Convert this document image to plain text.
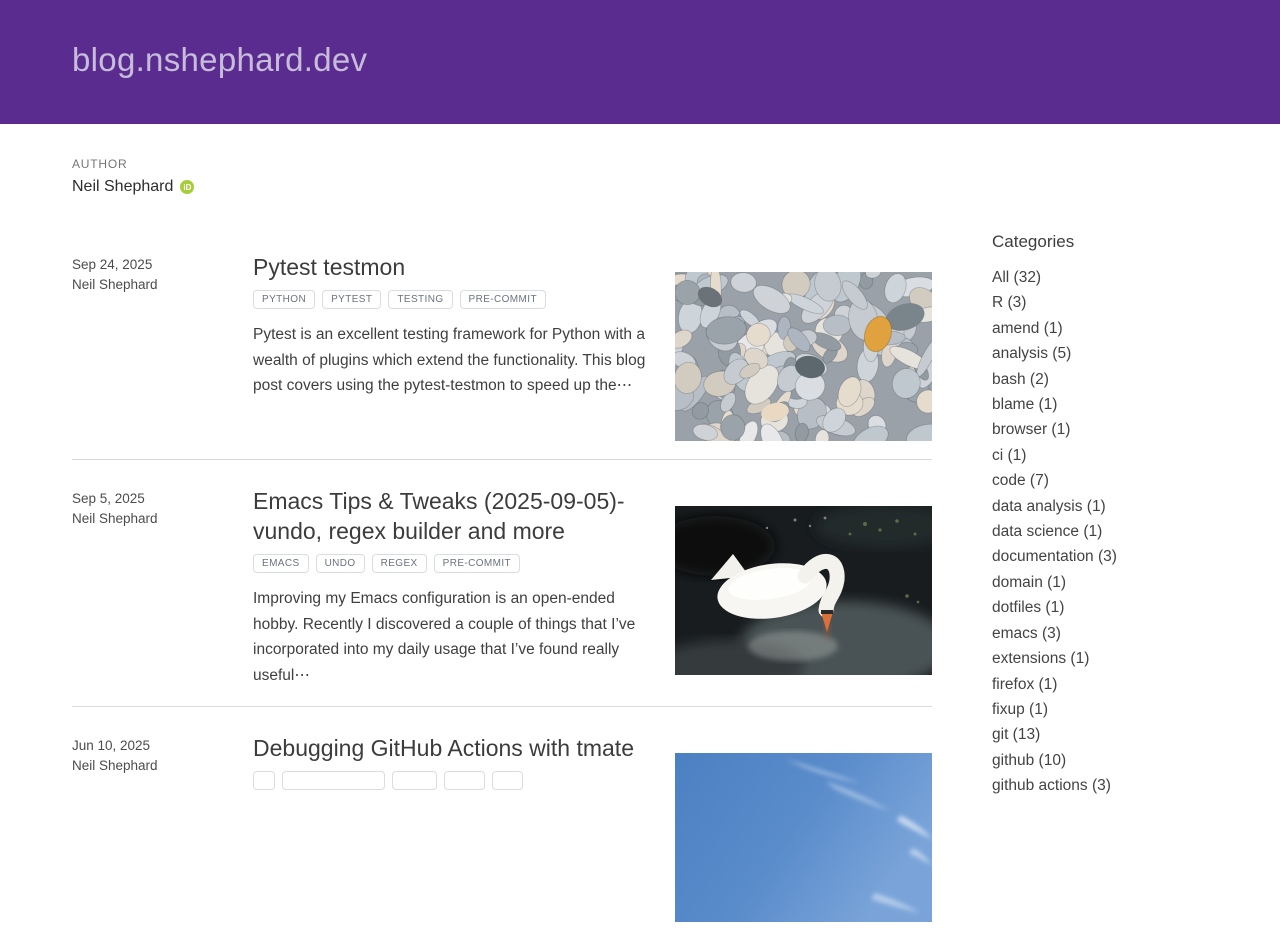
blog.nshephard.dev
AUTHOR
Neil Shephard	iD
Sep 24, 2025
Neil Shephard
Pytest testmon
PYTHON	PYTEST	TESTING	PRE-COMMIT

Pytest is an excellent testing framework for Python with a wealth of plugins which extend the functionality. This blog post covers using the pytest-testmon to speed up the⋯

Sep 5, 2025
Neil Shephard
Emacs Tips & Tweaks (2025-09-05)- vundo, regex builder and more
EMACS	UNDO	REGEX	PRE-COMMIT

Improving my Emacs configuration is an open-ended hobby. Recently I discovered a couple of things that I’ve incorporated into my daily usage that I’ve found really useful⋯

Jun 10, 2025
Neil Shephard
Debugging GitHub Actions with tmate
Categories
All (32)
R (3)
amend (1)
analysis (5)
bash (2)
blame (1)
browser (1)
ci (1)
code (7)
data analysis (1)
data science (1)
documentation (3)
domain (1)
dotfiles (1)
emacs (3)
extensions (1)
firefox (1)
fixup (1)
git (13)
github (10)
github actions (3)
